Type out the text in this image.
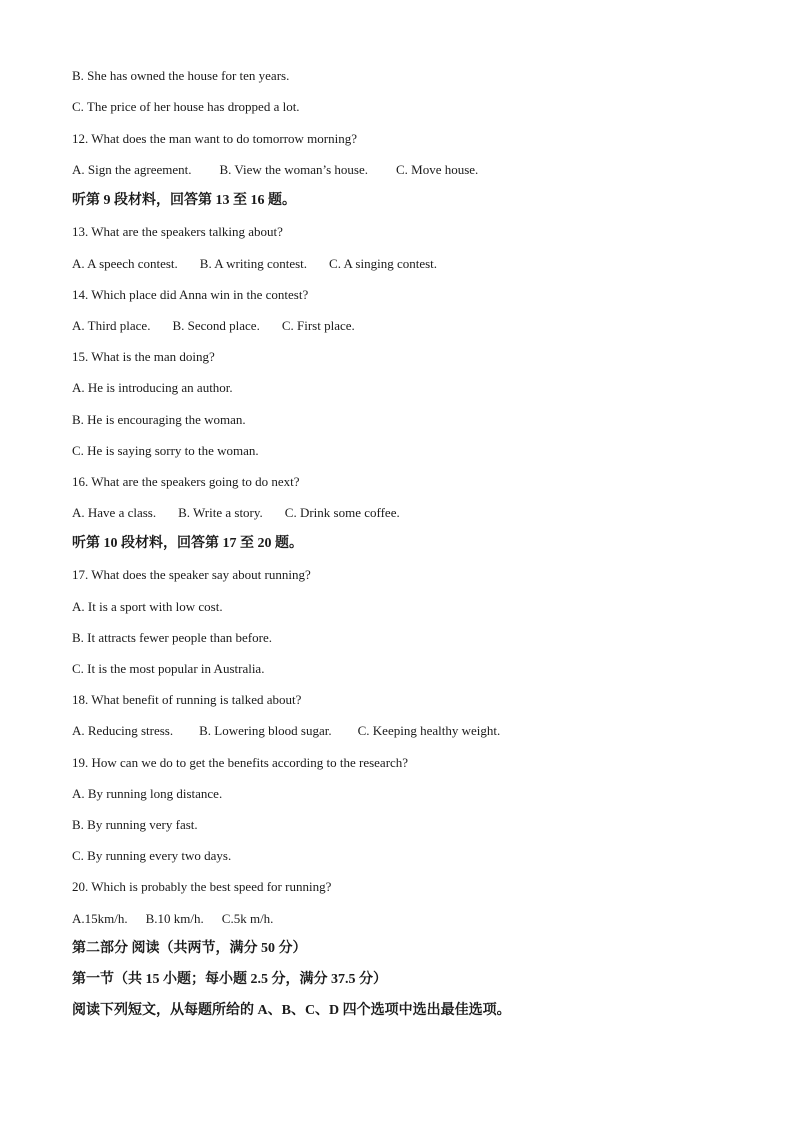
B. She has owned the house for ten years.
C. The price of her house has dropped a lot.
12. What does the man want to do tomorrow morning?
A. Sign the agreement. B. View the woman’s house. C. Move house.
听第 9 段材料，回答第 13 至 16 题。
13. What are the speakers talking about?
A. A speech contest. B. A writing contest. C. A singing contest.
14. Which place did Anna win in the contest?
A. Third place. B. Second place. C. First place.
15. What is the man doing?
A. He is introducing an author.
B. He is encouraging the woman.
C. He is saying sorry to the woman.
16. What are the speakers going to do next?
A. Have a class. B. Write a story. C. Drink some coffee.
听第 10 段材料，回答第 17 至 20 题。
17. What does the speaker say about running?
A. It is a sport with low cost.
B. It attracts fewer people than before.
C. It is the most popular in Australia.
18. What benefit of running is talked about?
A. Reducing stress. B. Lowering blood sugar. C. Keeping healthy weight.
19. How can we do to get the benefits according to the research?
A. By running long distance.
B. By running very fast.
C. By running every two days.
20. Which is probably the best speed for running?
A.15km/h. B.10 km/h. C.5k m/h.
第二部分 阅读（共两节，满分 50 分）
第一节（共 15 小题；每小题 2.5 分，满分 37.5 分）
阅读下列短文，从每题所给的 A、B、C、D 四个选项中选出最佳选项。
